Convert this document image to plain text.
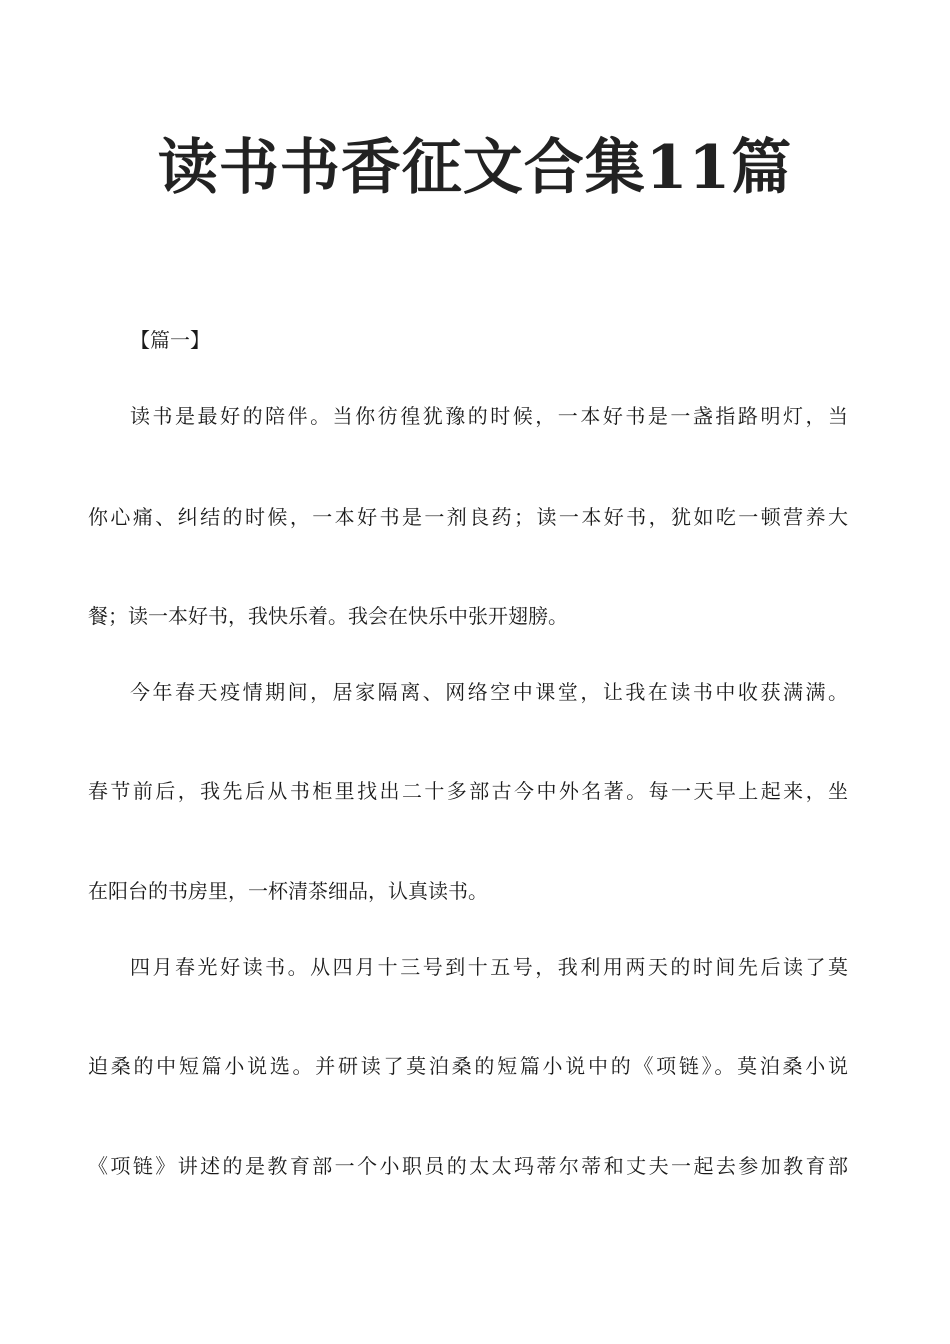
读书书香征文合集11篇

【篇一】

读书是最好的陪伴。当你彷徨犹豫的时候，一本好书是一盏指路明灯，当

你心痛、纠结的时候，一本好书是一剂良药；读一本好书，犹如吃一顿营养大

餐；读一本好书，我快乐着。我会在快乐中张开翅膀。

今年春天疫情期间，居家隔离、网络空中课堂，让我在读书中收获满满。

春节前后，我先后从书柜里找出二十多部古今中外名著。每一天早上起来，坐

在阳台的书房里，一杯清茶细品，认真读书。

四月春光好读书。从四月十三号到十五号，我利用两天的时间先后读了莫

迫桑的中短篇小说选。并研读了莫泊桑的短篇小说中的《项链》。莫泊桑小说

《项链》讲述的是教育部一个小职员的太太玛蒂尔蒂和丈夫一起去参加教育部
